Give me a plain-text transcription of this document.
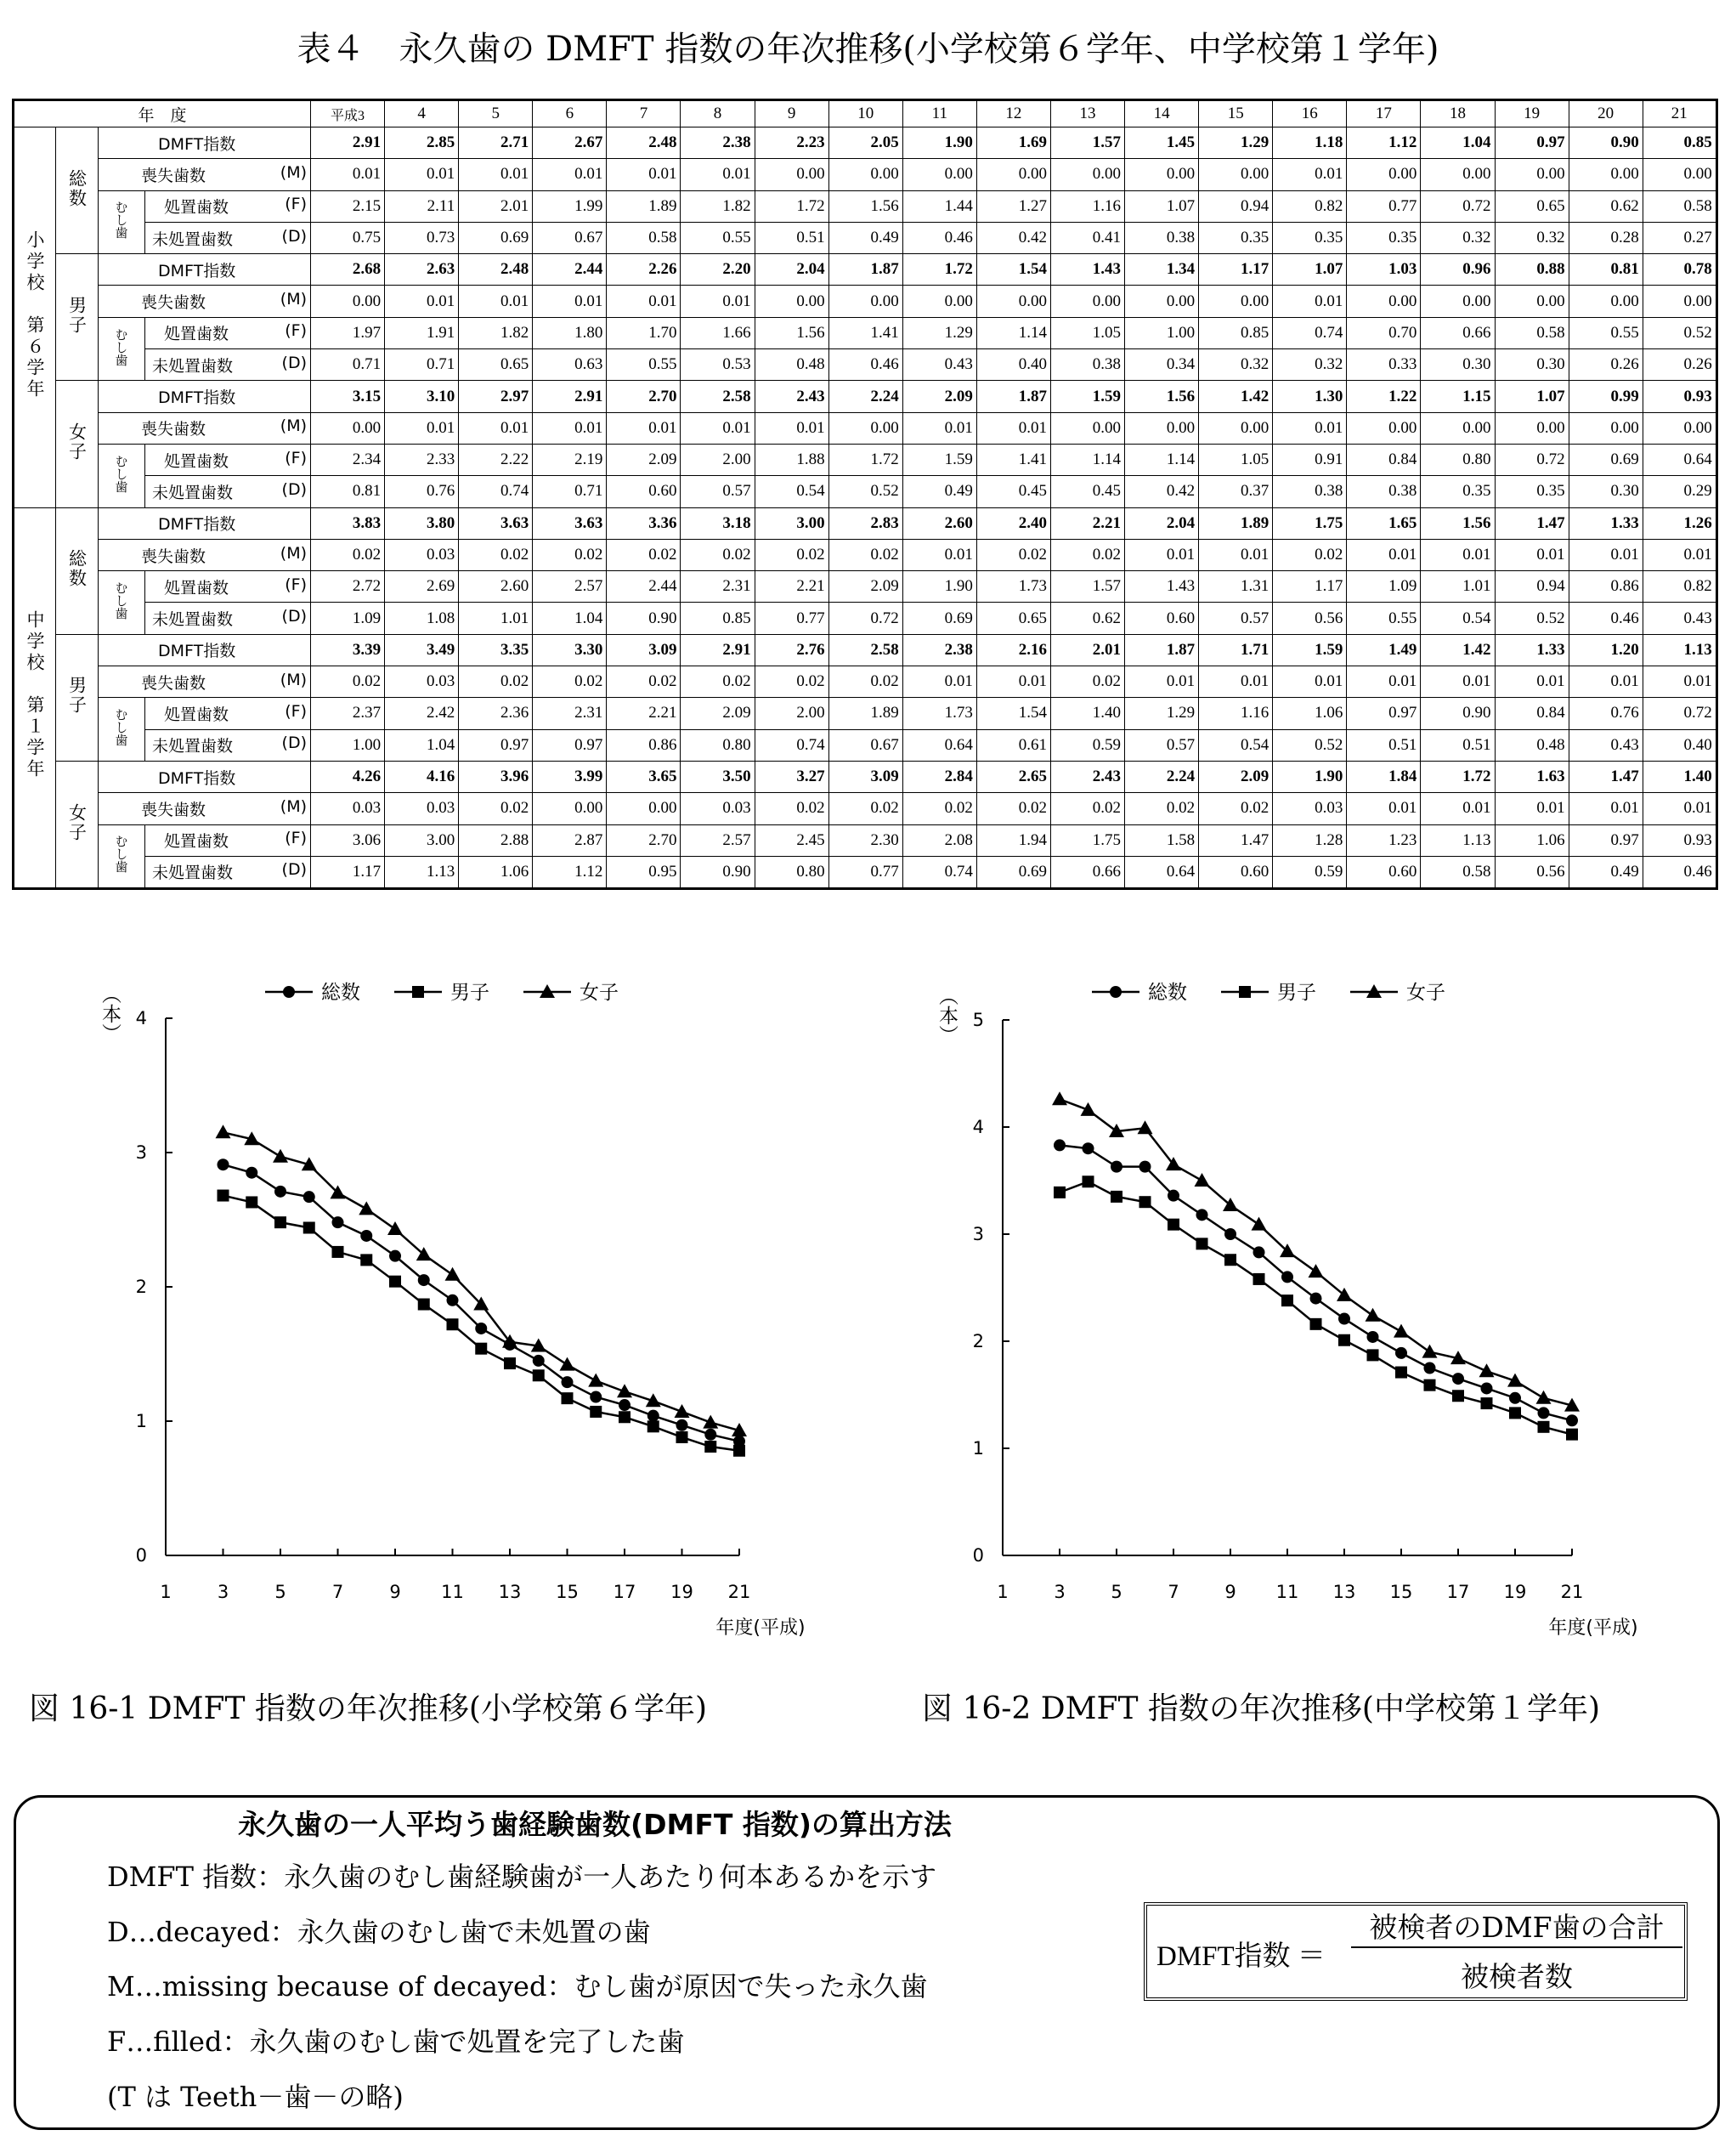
表４　永久歯の DMFT 指数の年次推移(小学校第６学年、中学校第１学年)
年　度				平成3	4	5	6	7	8	9	10	11	12	13	14	15	16	17	18	19	20	21
小学校　第６学年	総数	DMFT指数		2.91	2.85	2.71	2.67	2.48	2.38	2.23	2.05	1.90	1.69	1.57	1.45	1.29	1.18	1.12	1.04	0.97	0.90	0.85
		喪失歯数 (M)		0.01	0.01	0.01	0.01	0.01	0.01	0.00	0.00	0.00	0.00	0.00	0.00	0.00	0.01	0.00	0.00	0.00	0.00	0.00
		むし歯	処置歯数 (F)	2.15	2.11	2.01	1.99	1.89	1.82	1.72	1.56	1.44	1.27	1.16	1.07	0.94	0.82	0.77	0.72	0.65	0.62	0.58
			未処置歯数 (D)	0.75	0.73	0.69	0.67	0.58	0.55	0.51	0.49	0.46	0.42	0.41	0.38	0.35	0.35	0.35	0.32	0.32	0.28	0.27
	男子	DMFT指数		2.68	2.63	2.48	2.44	2.26	2.20	2.04	1.87	1.72	1.54	1.43	1.34	1.17	1.07	1.03	0.96	0.88	0.81	0.78
		喪失歯数 (M)		0.00	0.01	0.01	0.01	0.01	0.01	0.00	0.00	0.00	0.00	0.00	0.00	0.00	0.01	0.00	0.00	0.00	0.00	0.00
		むし歯	処置歯数 (F)	1.97	1.91	1.82	1.80	1.70	1.66	1.56	1.41	1.29	1.14	1.05	1.00	0.85	0.74	0.70	0.66	0.58	0.55	0.52
			未処置歯数 (D)	0.71	0.71	0.65	0.63	0.55	0.53	0.48	0.46	0.43	0.40	0.38	0.34	0.32	0.32	0.33	0.30	0.30	0.26	0.26
	女子	DMFT指数		3.15	3.10	2.97	2.91	2.70	2.58	2.43	2.24	2.09	1.87	1.59	1.56	1.42	1.30	1.22	1.15	1.07	0.99	0.93
		喪失歯数 (M)		0.00	0.01	0.01	0.01	0.01	0.01	0.01	0.00	0.01	0.01	0.00	0.00	0.00	0.01	0.00	0.00	0.00	0.00	0.00
		むし歯	処置歯数 (F)	2.34	2.33	2.22	2.19	2.09	2.00	1.88	1.72	1.59	1.41	1.14	1.14	1.05	0.91	0.84	0.80	0.72	0.69	0.64
			未処置歯数 (D)	0.81	0.76	0.74	0.71	0.60	0.57	0.54	0.52	0.49	0.45	0.45	0.42	0.37	0.38	0.38	0.35	0.35	0.30	0.29
中学校　第１学年	総数	DMFT指数		3.83	3.80	3.63	3.63	3.36	3.18	3.00	2.83	2.60	2.40	2.21	2.04	1.89	1.75	1.65	1.56	1.47	1.33	1.26
		喪失歯数 (M)		0.02	0.03	0.02	0.02	0.02	0.02	0.02	0.02	0.01	0.02	0.02	0.01	0.01	0.02	0.01	0.01	0.01	0.01	0.01
		むし歯	処置歯数 (F)	2.72	2.69	2.60	2.57	2.44	2.31	2.21	2.09	1.90	1.73	1.57	1.43	1.31	1.17	1.09	1.01	0.94	0.86	0.82
			未処置歯数 (D)	1.09	1.08	1.01	1.04	0.90	0.85	0.77	0.72	0.69	0.65	0.62	0.60	0.57	0.56	0.55	0.54	0.52	0.46	0.43
	男子	DMFT指数		3.39	3.49	3.35	3.30	3.09	2.91	2.76	2.58	2.38	2.16	2.01	1.87	1.71	1.59	1.49	1.42	1.33	1.20	1.13
		喪失歯数 (M)		0.02	0.03	0.02	0.02	0.02	0.02	0.02	0.02	0.01	0.01	0.02	0.01	0.01	0.01	0.01	0.01	0.01	0.01	0.01
		むし歯	処置歯数 (F)	2.37	2.42	2.36	2.31	2.21	2.09	2.00	1.89	1.73	1.54	1.40	1.29	1.16	1.06	0.97	0.90	0.84	0.76	0.72
			未処置歯数 (D)	1.00	1.04	0.97	0.97	0.86	0.80	0.74	0.67	0.64	0.61	0.59	0.57	0.54	0.52	0.51	0.51	0.48	0.43	0.40
	女子	DMFT指数		4.26	4.16	3.96	3.99	3.65	3.50	3.27	3.09	2.84	2.65	2.43	2.24	2.09	1.90	1.84	1.72	1.63	1.47	1.40
		喪失歯数 (M)		0.03	0.03	0.02	0.00	0.00	0.03	0.02	0.02	0.02	0.02	0.02	0.02	0.02	0.03	0.01	0.01	0.01	0.01	0.01
		むし歯	処置歯数 (F)	3.06	3.00	2.88	2.87	2.70	2.57	2.45	2.30	2.08	1.94	1.75	1.58	1.47	1.28	1.23	1.13	1.06	0.97	0.93
			未処置歯数 (D)	1.17	1.13	1.06	1.12	0.95	0.90	0.80	0.77	0.74	0.69	0.66	0.64	0.60	0.59	0.60	0.58	0.56	0.49	0.46
0
1
2
3
4
1	3	5	7	9 11 13 15 17 19 21
（本）
年度(平成)
総数	男子	女子
0
1
2
3
4
5
1	3	5	7	9 11 13 15 17 19 21
（本）
年度(平成)
総数	男子	女子
図 16-1 DMFT 指数の年次推移(小学校第６学年)	図 16-2 DMFT 指数の年次推移(中学校第１学年)
永久歯の一人平均う歯経験歯数(DMFT 指数)の算出方法
DMFT 指数：永久歯のむし歯経験歯が一人あたり何本あるかを示す
D…decayed：永久歯のむし歯で未処置の歯
M…missing because of decayed：むし歯が原因で失った永久歯
F…filled：永久歯のむし歯で処置を完了した歯
(T は Teeth－歯－の略)
DMFT指数 ＝
被検者のDMF歯の合計
被検者数
